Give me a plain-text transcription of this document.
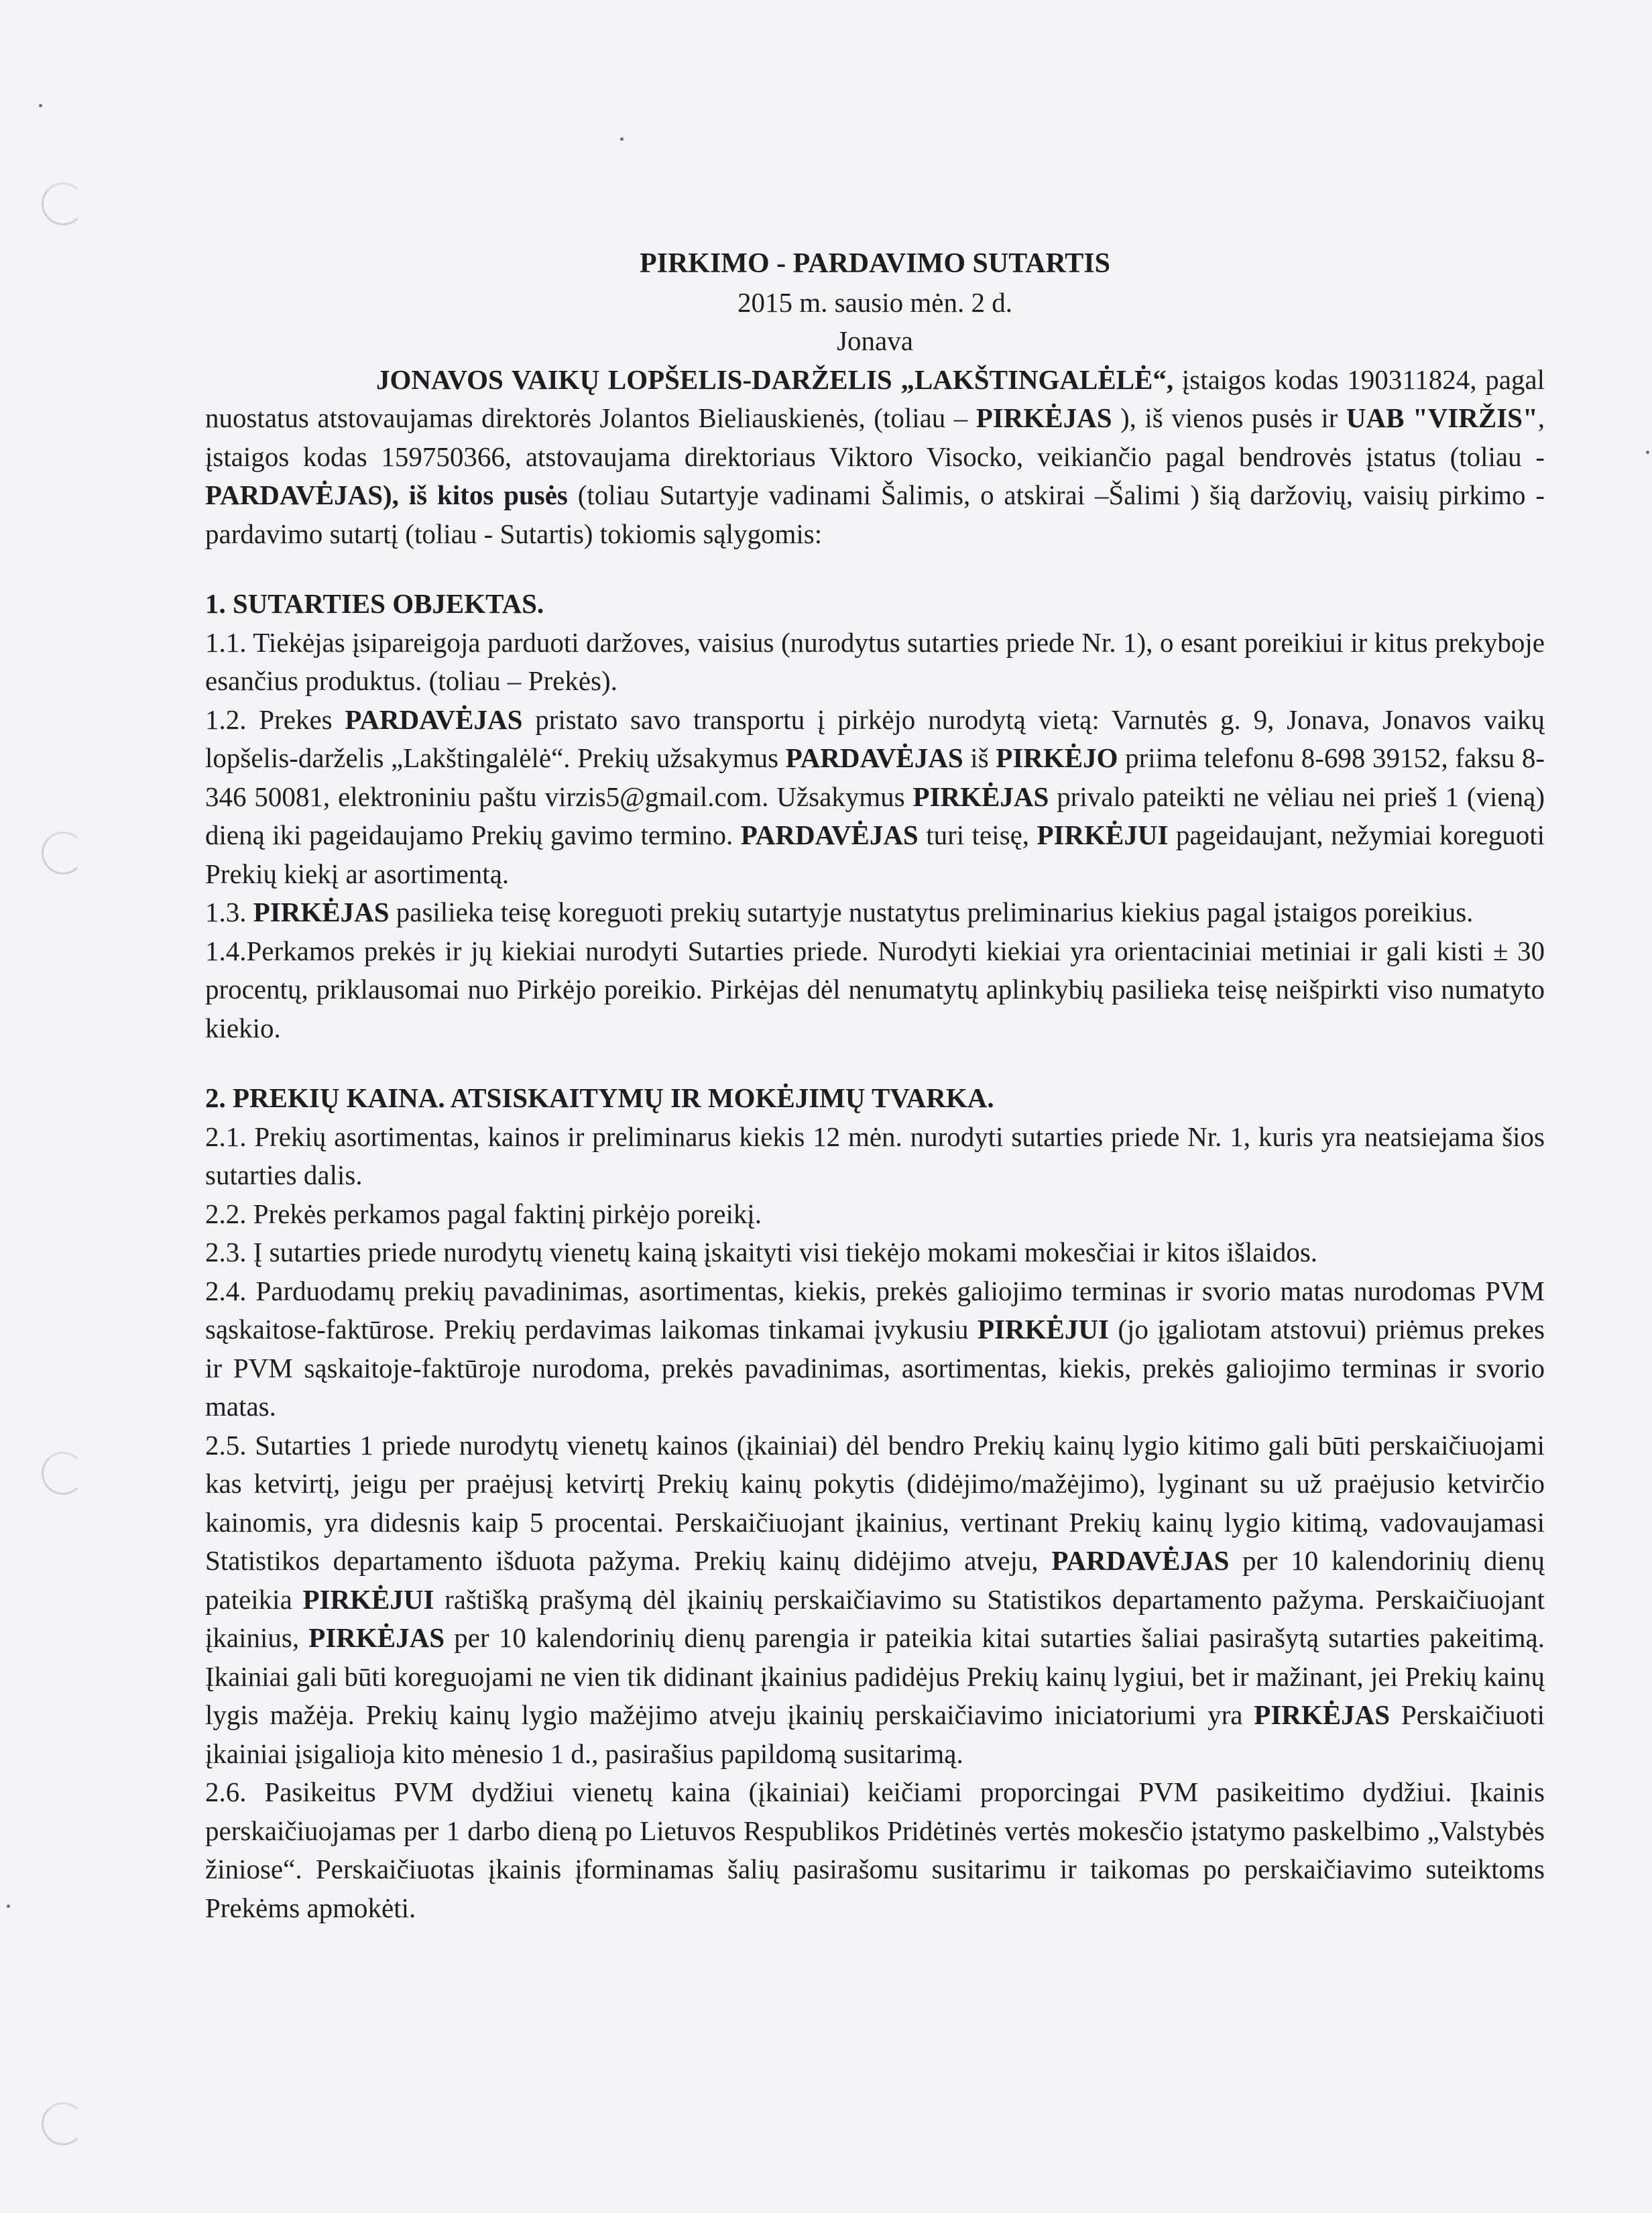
PIRKIMO - PARDAVIMO SUTARTIS

2015 m. sausio mėn. 2 d.

Jonava

JONAVOS VAIKŲ LOPŠELIS-DARŽELIS „LAKŠTINGALĖLĖ“, įstaigos kodas 190311824, pagal nuostatus atstovaujamas direktorės Jolantos Bieliauskienės, (toliau – PIRKĖJAS ), iš vienos pusės ir UAB "VIRŽIS", įstaigos kodas 159750366, atstovaujama direktoriaus Viktoro Visocko, veikiančio pagal bendrovės įstatus (toliau - PARDAVĖJAS), iš kitos pusės (toliau Sutartyje vadinami Šalimis, o atskirai –Šalimi ) šią daržovių, vaisių pirkimo - pardavimo sutartį (toliau - Sutartis) tokiomis sąlygomis:

1. SUTARTIES OBJEKTAS.

1.1. Tiekėjas įsipareigoja parduoti daržoves, vaisius (nurodytus sutarties priede Nr. 1), o esant poreikiui ir kitus prekyboje esančius produktus. (toliau – Prekės).

1.2. Prekes PARDAVĖJAS pristato savo transportu į pirkėjo nurodytą vietą: Varnutės g. 9, Jonava, Jonavos vaikų lopšelis-darželis „Lakštingalėlė“. Prekių užsakymus PARDAVĖJAS iš PIRKĖJO priima telefonu 8-698 39152, faksu 8-346 50081, elektroniniu paštu virzis5@gmail.com. Užsakymus PIRKĖJAS privalo pateikti ne vėliau nei prieš 1 (vieną) dieną iki pageidaujamo Prekių gavimo termino. PARDAVĖJAS turi teisę, PIRKĖJUI pageidaujant, nežymiai koreguoti Prekių kiekį ar asortimentą.

1.3. PIRKĖJAS pasilieka teisę koreguoti prekių sutartyje nustatytus preliminarius kiekius pagal įstaigos poreikius.

1.4.Perkamos prekės ir jų kiekiai nurodyti Sutarties priede. Nurodyti kiekiai yra orientaciniai metiniai ir gali kisti ± 30 procentų, priklausomai nuo Pirkėjo poreikio. Pirkėjas dėl nenumatytų aplinkybių pasilieka teisę neišpirkti viso numatyto kiekio.

2. PREKIŲ KAINA. ATSISKAITYMŲ IR MOKĖJIMŲ TVARKA.

2.1. Prekių asortimentas, kainos ir preliminarus kiekis 12 mėn. nurodyti sutarties priede Nr. 1, kuris yra neatsiejama šios sutarties dalis.

2.2. Prekės perkamos pagal faktinį pirkėjo poreikį.

2.3. Į sutarties priede nurodytų vienetų kainą įskaityti visi tiekėjo mokami mokesčiai ir kitos išlaidos.

2.4. Parduodamų prekių pavadinimas, asortimentas, kiekis, prekės galiojimo terminas ir svorio matas nurodomas PVM sąskaitose-faktūrose. Prekių perdavimas laikomas tinkamai įvykusiu PIRKĖJUI (jo įgaliotam atstovui) priėmus prekes ir PVM sąskaitoje-faktūroje nurodoma, prekės pavadinimas, asortimentas, kiekis, prekės galiojimo terminas ir svorio matas.

2.5. Sutarties 1 priede nurodytų vienetų kainos (įkainiai) dėl bendro Prekių kainų lygio kitimo gali būti perskaičiuojami kas ketvirtį, jeigu per praėjusį ketvirtį Prekių kainų pokytis (didėjimo/mažėjimo), lyginant su už praėjusio ketvirčio kainomis, yra didesnis kaip 5 procentai. Perskaičiuojant įkainius, vertinant Prekių kainų lygio kitimą, vadovaujamasi Statistikos departamento išduota pažyma. Prekių kainų didėjimo atveju, PARDAVĖJAS per 10 kalendorinių dienų pateikia PIRKĖJUI raštišką prašymą dėl įkainių perskaičiavimo su Statistikos departamento pažyma. Perskaičiuojant įkainius, PIRKĖJAS per 10 kalendorinių dienų parengia ir pateikia kitai sutarties šaliai pasirašytą sutarties pakeitimą. Įkainiai gali būti koreguojami ne vien tik didinant įkainius padidėjus Prekių kainų lygiui, bet ir mažinant, jei Prekių kainų lygis mažėja. Prekių kainų lygio mažėjimo atveju įkainių perskaičiavimo iniciatoriumi yra PIRKĖJAS Perskaičiuoti įkainiai įsigalioja kito mėnesio 1 d., pasirašius papildomą susitarimą.

2.6. Pasikeitus PVM dydžiui vienetų kaina (įkainiai) keičiami proporcingai PVM pasikeitimo dydžiui. Įkainis perskaičiuojamas per 1 darbo dieną po Lietuvos Respublikos Pridėtinės vertės mokesčio įstatymo paskelbimo „Valstybės žiniose“. Perskaičiuotas įkainis įforminamas šalių pasirašomu susitarimu ir taikomas po perskaičiavimo suteiktoms Prekėms apmokėti.
